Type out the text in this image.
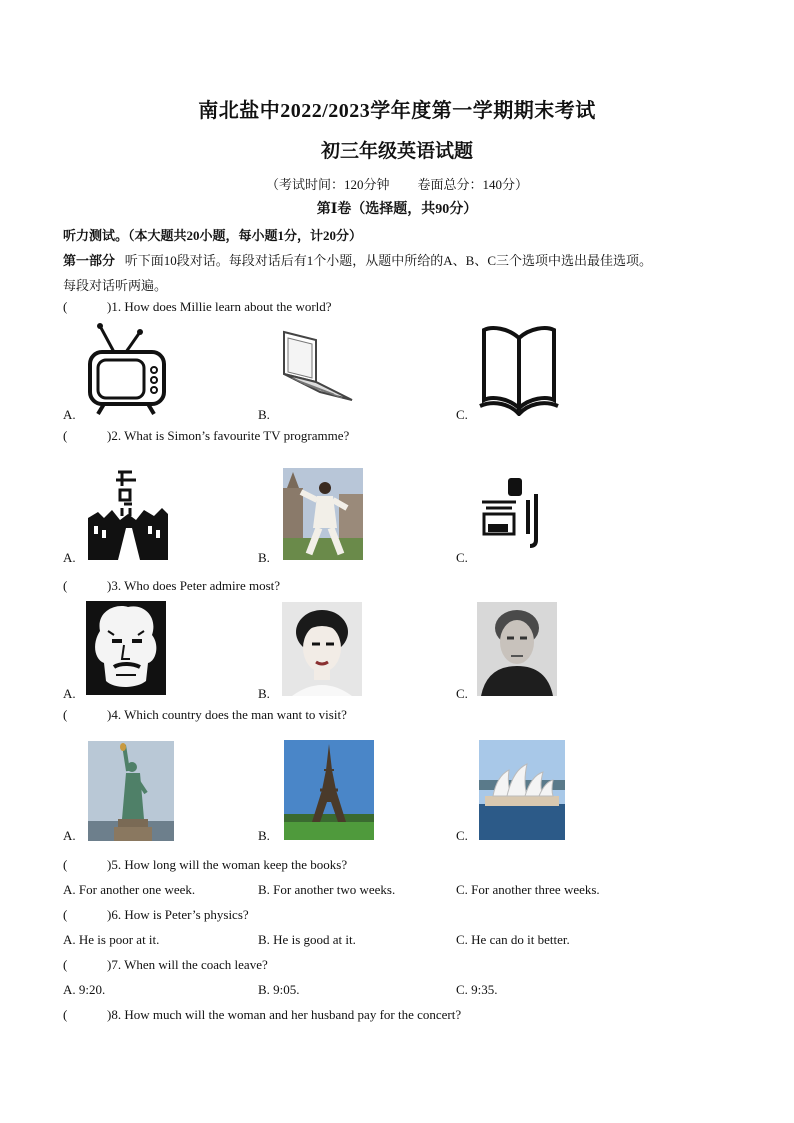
南北盐中2022/2023学年度第一学期期末考试
初三年级英语试题
（考试时间：120分钟 卷面总分：140分）
第Ⅰ卷（选择题，共90分）
听力测试。（本大题共20小题，每小题1分，计20分）
第一部分 听下面10段对话。每段对话后有1个小题，从题中所给的A、B、C三个选项中选出最佳选项。
每段对话听两遍。
(	)1. How does Millie learn about the world?
A.	B.	C.
(	)2. What is Simon’s favourite TV programme?
A.	B.	C.
(	)3. Who does Peter admire most?
A.	B.	C.
(	)4. Which country does the man want to visit?
A.	B.	C.
(	)5. How long will the woman keep the books?
A. For another one week.	B. For another two weeks.	C. For another three weeks.
(	)6. How is Peter’s physics?
A. He is poor at it.	B. He is good at it.	C. He can do it better.
(	)7. When will the coach leave?
A. 9:20.	B. 9:05.	C. 9:35.
(	)8. How much will the woman and her husband pay for the concert?
